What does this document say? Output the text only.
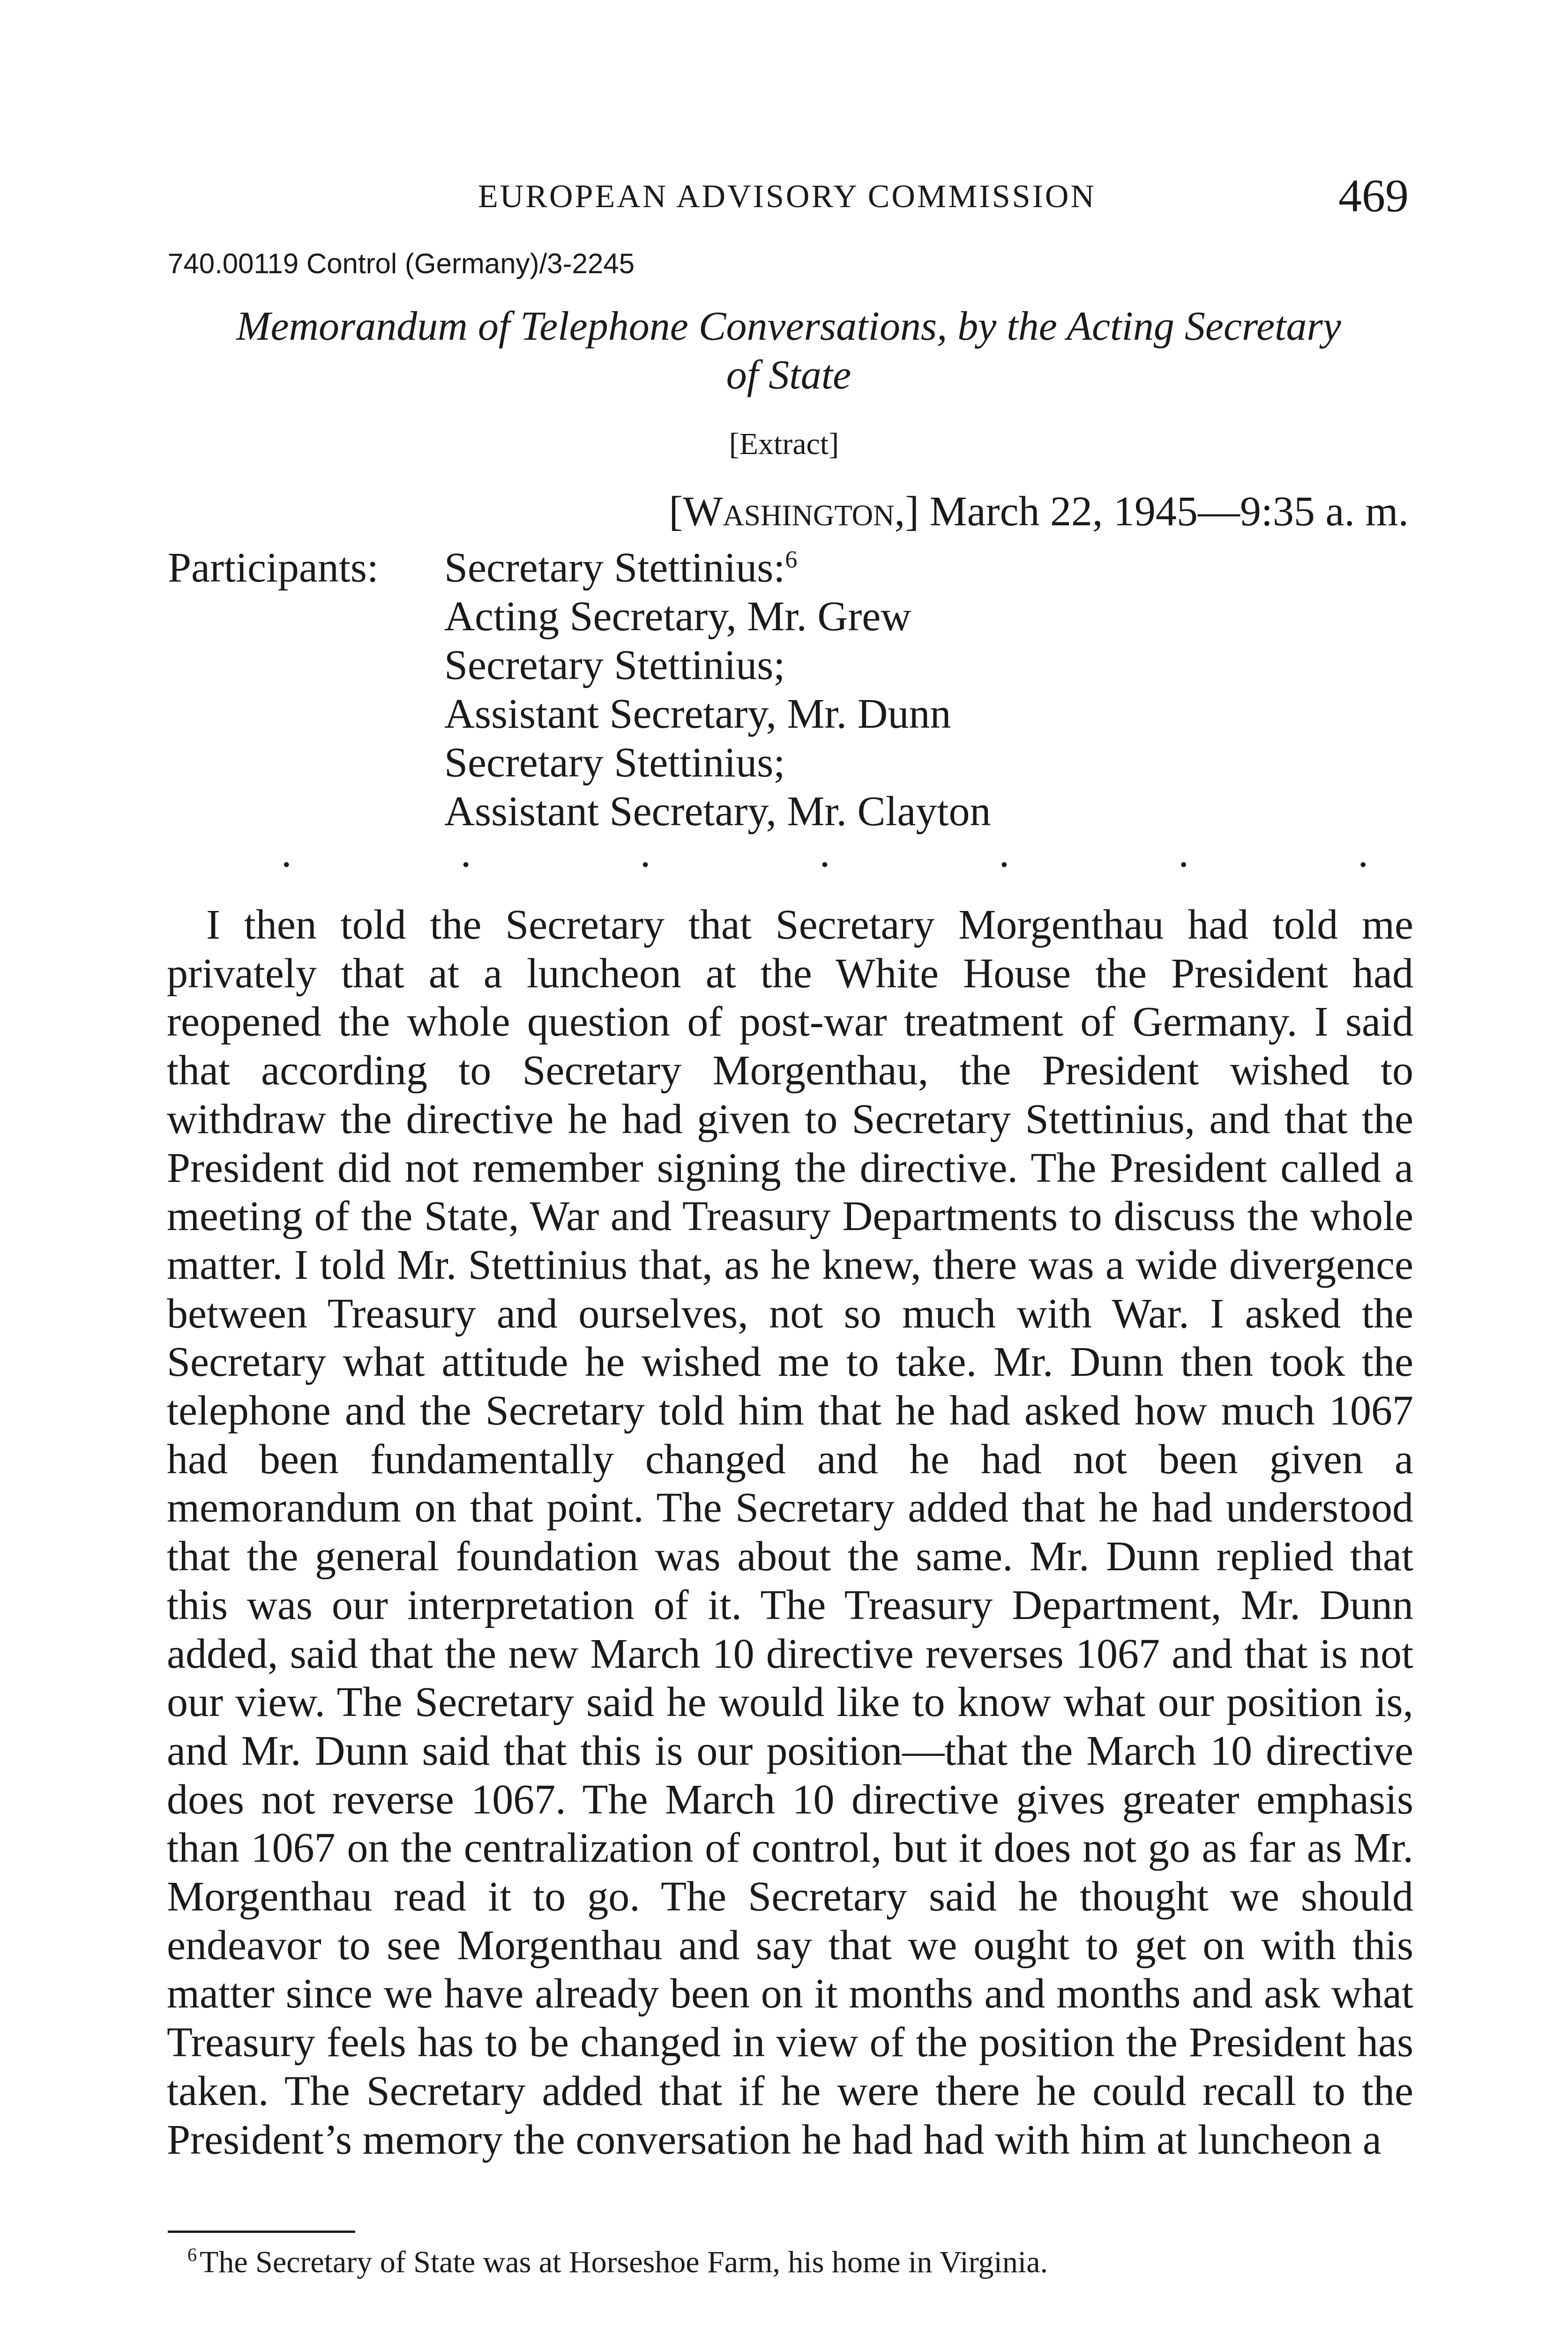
EUROPEAN ADVISORY COMMISSION	469
740.00119 Control (Germany)/3-2245
Memorandum of Telephone Conversations, by the Acting Secretary
of State
[Extract]
[Washington,] March 22, 1945—9:35 a. m.
Participants: Secretary Stettinius:$^6$
Acting Secretary, Mr. Grew
Secretary Stettinius;
Assistant Secretary, Mr. Dunn
Secretary Stettinius;
Assistant Secretary, Mr. Clayton
.	.	.	.	.	.	.

I then told the Secretary that Secretary Morgenthau had told me privately that at a luncheon at the White House the President had reopened the whole question of post-war treatment of Germany. I said that according to Secretary Morgenthau, the President wished to withdraw the directive he had given to Secretary Stettinius, and that the President did not remember signing the directive. The President called a meeting of the State, War and Treasury Departments to discuss the whole matter. I told Mr. Stettinius that, as he knew, there was a wide divergence between Treasury and ourselves, not so much with War. I asked the Secretary what attitude he wished me to take. Mr. Dunn then took the telephone and the Secretary told him that he had asked how much 1067 had been fundamentally changed and he had not been given a memorandum on that point. The Secretary added that he had understood that the general foundation was about the same. Mr. Dunn replied that this was our interpretation of it. The Treasury Department, Mr. Dunn added, said that the new March 10 directive reverses 1067 and that is not our view. The Secretary said he would like to know what our position is, and Mr. Dunn said that this is our position—that the March 10 directive does not reverse 1067. The March 10 directive gives greater emphasis than 1067 on the centralization of control, but it does not go as far as Mr. Morgenthau read it to go. The Secretary said he thought we should endeavor to see Morgenthau and say that we ought to get on with this matter since we have already been on it months and months and ask what Treasury feels has to be changed in view of the position the President has taken. The Secretary added that if he were there he could recall to the President’s memory the conversation he had had with him at luncheon a

$^6$The Secretary of State was at Horseshoe Farm, his home in Virginia.
